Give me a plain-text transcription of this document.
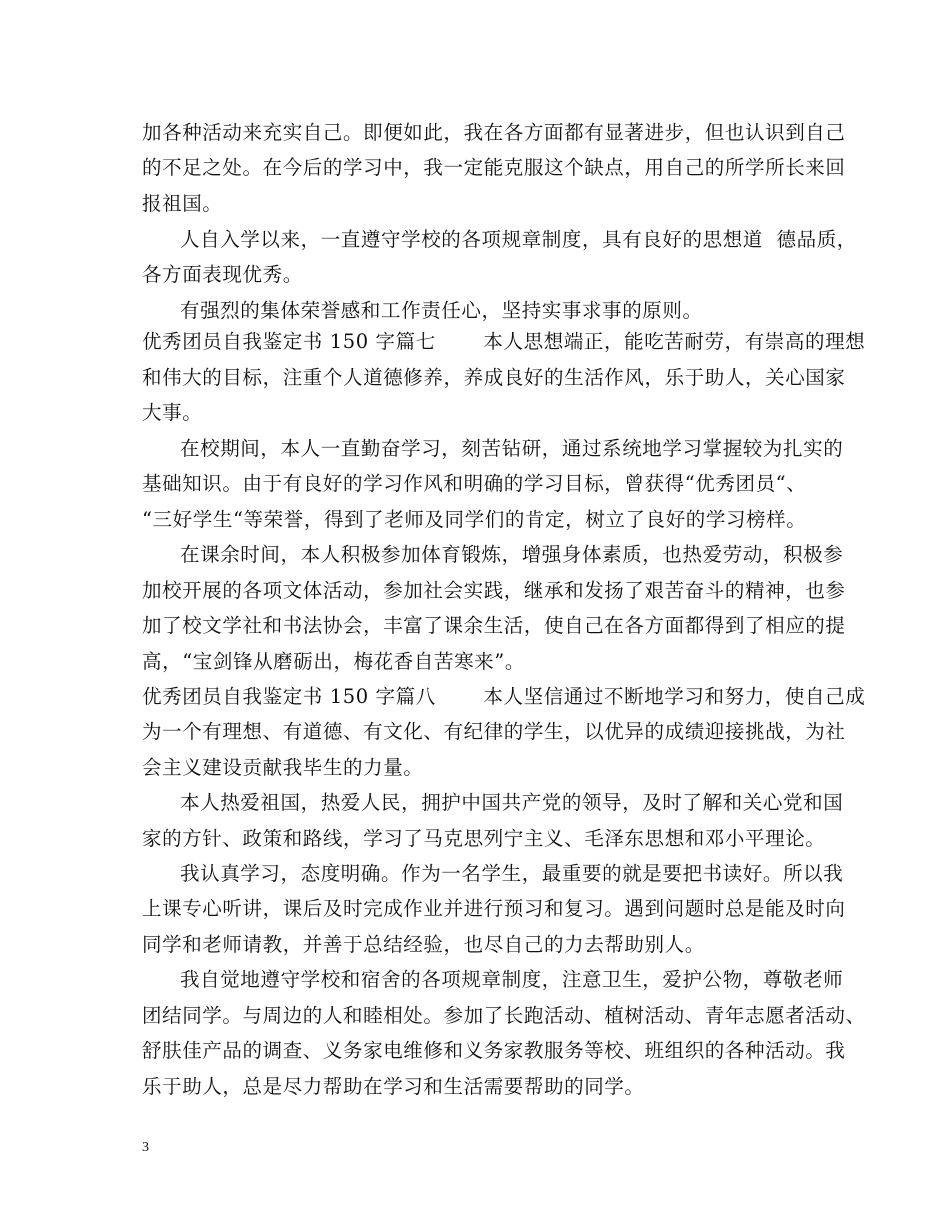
加各种活动来充实自己。即便如此，我在各方面都有显著进步，但也认识到自己
的不足之处。在今后的学习中，我一定能克服这个缺点，用自己的所学所长来回
报祖国。
人自入学以来，一直遵守学校的各项规章制度，具有良好的思想道  德品质，
各方面表现优秀。
有强烈的集体荣誉感和工作责任心，坚持实事求事的原则。
优秀团员自我鉴定书 150 字篇七       本人思想端正，能吃苦耐劳，有崇高的理想
和伟大的目标，注重个人道德修养，养成良好的生活作风，乐于助人，关心国家
大事。
在校期间，本人一直勤奋学习，刻苦钻研，通过系统地学习掌握较为扎实的
基础知识。由于有良好的学习作风和明确的学习目标，曾获得“优秀团员“、
“三好学生“等荣誉，得到了老师及同学们的肯定，树立了良好的学习榜样。
在课余时间，本人积极参加体育锻炼，增强身体素质，也热爱劳动，积极参
加校开展的各项文体活动，参加社会实践，继承和发扬了艰苦奋斗的精神，也参
加了校文学社和书法协会，丰富了课余生活，使自己在各方面都得到了相应的提
高，“宝剑锋从磨砺出，梅花香自苦寒来”。
优秀团员自我鉴定书 150 字篇八       本人坚信通过不断地学习和努力，使自己成
为一个有理想、有道德、有文化、有纪律的学生，以优异的成绩迎接挑战，为社
会主义建设贡献我毕生的力量。
本人热爱祖国，热爱人民，拥护中国共产党的领导，及时了解和关心党和国
家的方针、政策和路线，学习了马克思列宁主义、毛泽东思想和邓小平理论。
我认真学习，态度明确。作为一名学生，最重要的就是要把书读好。所以我
上课专心听讲，课后及时完成作业并进行预习和复习。遇到问题时总是能及时向
同学和老师请教，并善于总结经验，也尽自己的力去帮助别人。
我自觉地遵守学校和宿舍的各项规章制度，注意卫生，爱护公物，尊敬老师
团结同学。与周边的人和睦相处。参加了长跑活动、植树活动、青年志愿者活动、
舒肤佳产品的调查、义务家电维修和义务家教服务等校、班组织的各种活动。我
乐于助人，总是尽力帮助在学习和生活需要帮助的同学。
3
